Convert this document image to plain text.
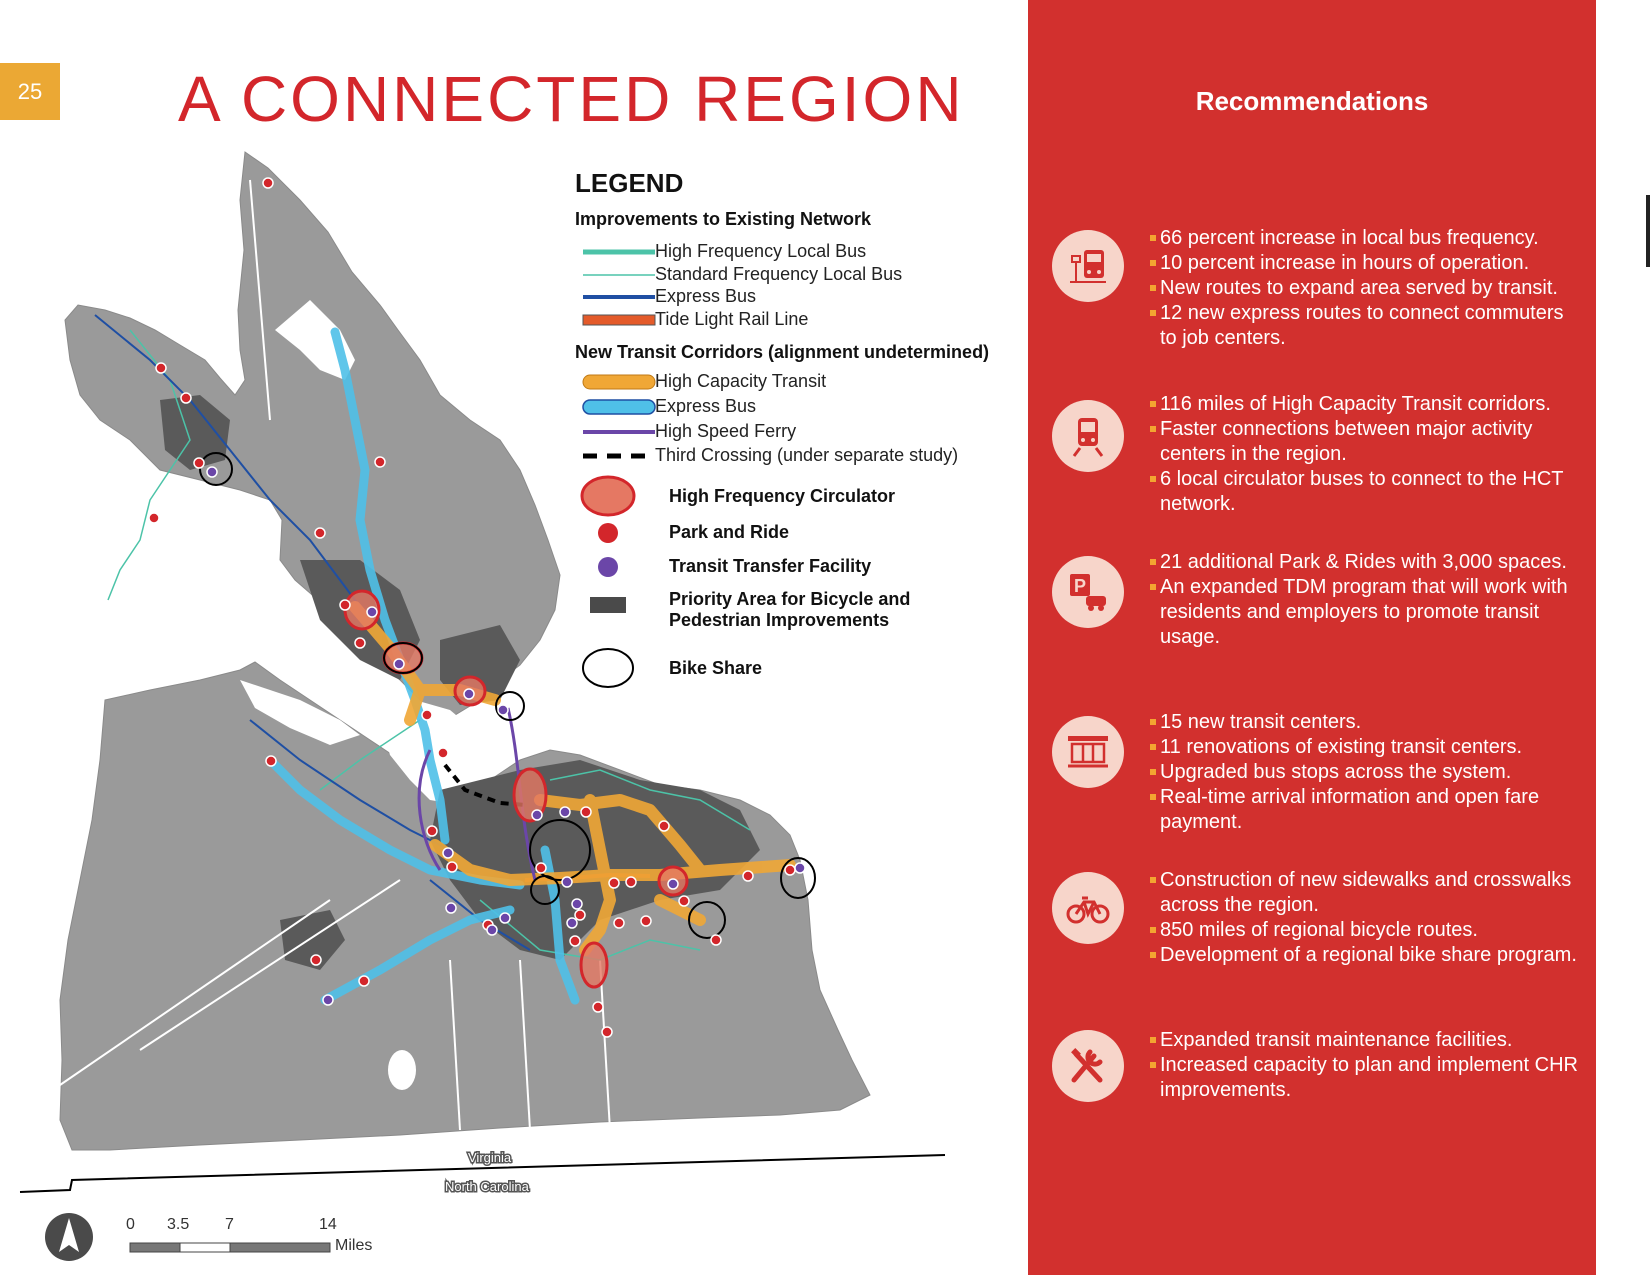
25 A CONNECTED REGION
Virginia
North Carolina
LEGEND
Improvements to Existing Network
High Frequency Local Bus
Standard Frequency Local Bus
Express Bus
Tide Light Rail Line
New Transit Corridors (alignment undetermined)
High Capacity Transit
Express Bus
High Speed Ferry
Third Crossing (under separate study)
High Frequency Circulator
Park and Ride
Transit Transfer Facility
Priority Area for Bicycle and Pedestrian Improvements
Bike Share
0 3.5 7	14
Miles
Recommendations
66 percent increase in local bus frequency.
10 percent increase in hours of operation.
New routes to expand area served by transit.
12 new express routes to connect commuters to job centers.
116 miles of High Capacity Transit corridors.
Faster connections between major activity centers in the region.
6 local circulator buses to connect to the HCT network.
P
21 additional Park & Rides with 3,000 spaces.
An expanded TDM program that will work with residents and employers to promote transit usage.
15 new transit centers.
11 renovations of existing transit centers.
Upgraded bus stops across the system.
Real-time arrival information and open fare payment.
Construction of new sidewalks and crosswalks across the region.
850 miles of regional bicycle routes.
Development of a regional bike share program.
Expanded transit maintenance facilities.
Increased capacity to plan and implement CHR improvements.
